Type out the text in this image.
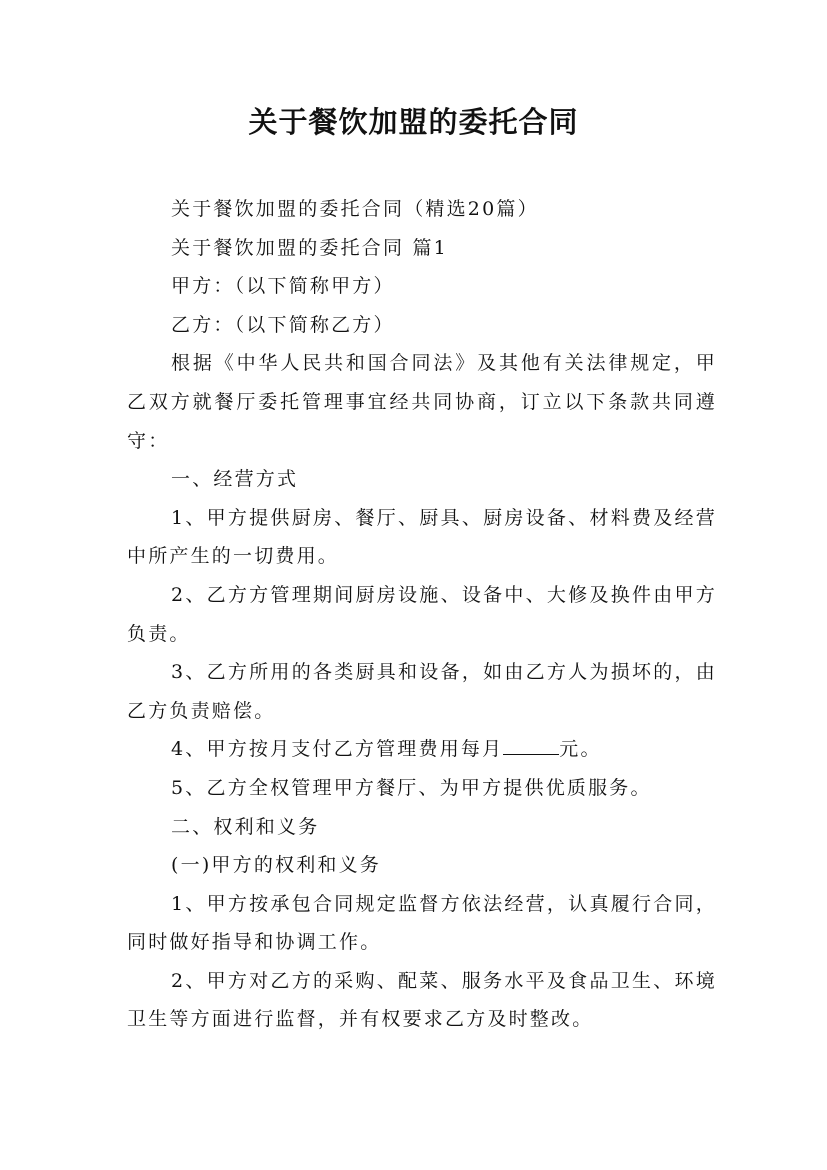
关于餐饮加盟的委托合同

关于餐饮加盟的委托合同（精选20篇）

关于餐饮加盟的委托合同 篇1

甲方：（以下简称甲方）

乙方：（以下简称乙方）

根据《中华人民共和国合同法》及其他有关法律规定，甲乙双方就餐厅委托管理事宜经共同协商，订立以下条款共同遵守：

一、经营方式

1、甲方提供厨房、餐厅、厨具、厨房设备、材料费及经营中所产生的一切费用。

2、乙方方管理期间厨房设施、设备中、大修及换件由甲方负责。

3、乙方所用的各类厨具和设备，如由乙方人为损坏的，由乙方负责赔偿。

4、甲方按月支付乙方管理费用每月	元。

5、乙方全权管理甲方餐厅、为甲方提供优质服务。

二、权利和义务

(一)甲方的权利和义务

1、甲方按承包合同规定监督方依法经营，认真履行合同，同时做好指导和协调工作。

2、甲方对乙方的采购、配菜、服务水平及食品卫生、环境卫生等方面进行监督，并有权要求乙方及时整改。
